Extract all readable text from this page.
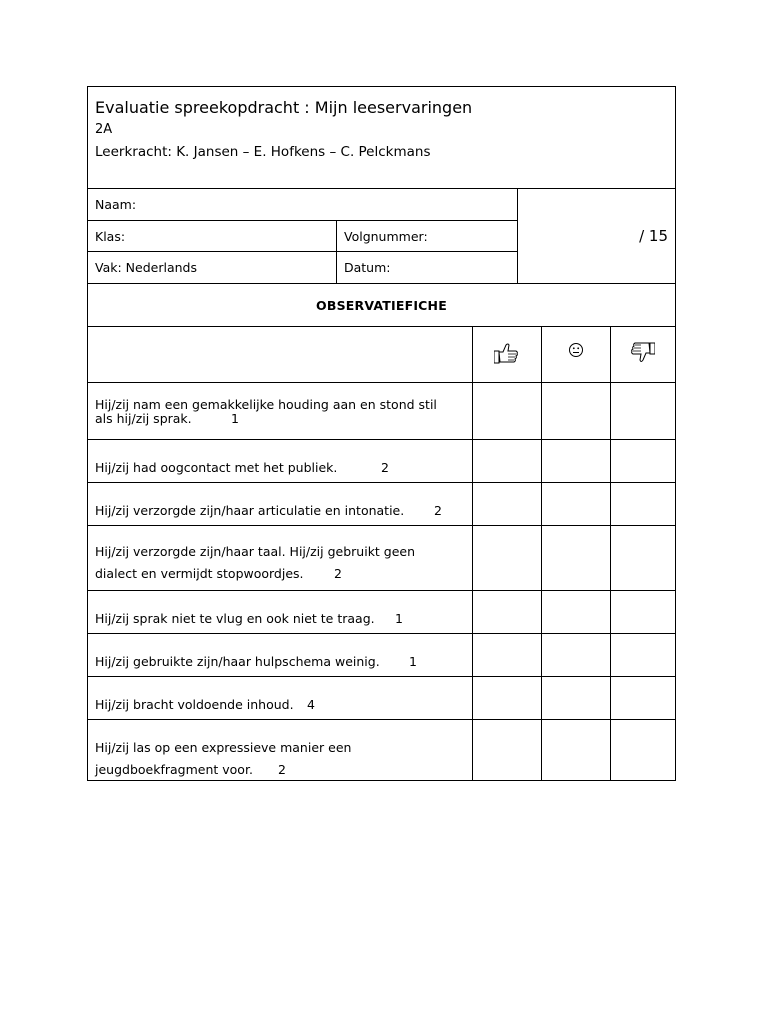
Evaluatie spreekopdracht : Mijn leeservaringen
2A
Leerkracht: K. Jansen – E. Hofkens – C. Pelckmans
Naam:
Klas:	Volgnummer:
Vak: Nederlands	Datum:
/ 15
OBSERVATIEFICHE
Hij/zij nam een gemakkelijke houding aan en stond stil
als hij/zij sprak.	1
Hij/zij had oogcontact met het publiek.	2
Hij/zij verzorgde zijn/haar articulatie en intonatie.	2
Hij/zij verzorgde zijn/haar taal. Hij/zij gebruikt geen
dialect en vermijdt stopwoordjes.	2
Hij/zij sprak niet te vlug en ook niet te traag.	1
Hij/zij gebruikte zijn/haar hulpschema weinig.	1
Hij/zij bracht voldoende inhoud.	4
Hij/zij las op een expressieve manier een
jeugdboekfragment voor.	2
